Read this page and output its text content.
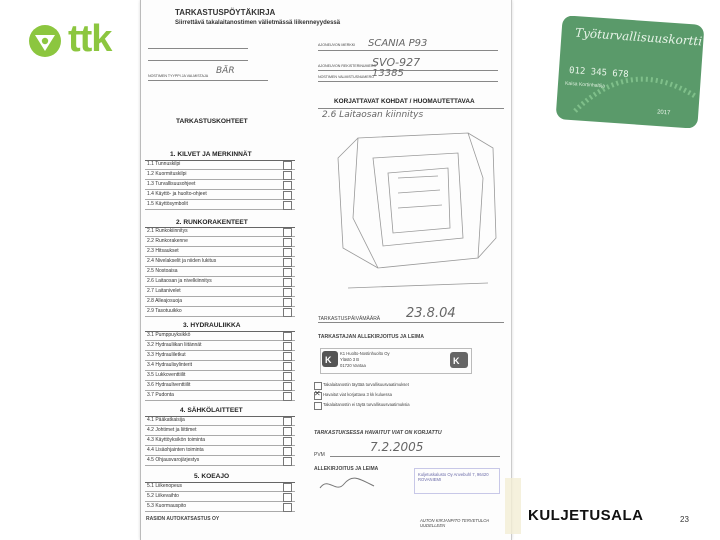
ttk
TARKASTUSPÖYTÄKIRJA
Siirrettävä takalaitanostimen välietmässä liikenneyydessä
AJONEUVON MERKKI SCANIA P93
AJONEUVON REKISTERINUMERO
SVO-927
NOSTIMEN VALMISTUSNUMERO
13385
NOSTIMEN TYYPPI JA VALMISTAJA BÄR
TARKASTUSKOHTEET
1. KILVET JA MERKINNÄT
1.1 Tunnuskilpi
1.2 Kuormituskilpi
1.3 Turvallisuusohjeet
1.4 Käyttö- ja huolto-ohjeet
1.5 Käyttösymbolit
2. RUNKORAKENTEET
2.1 Runkokiinnitys
2.2 Runkorakenne
2.3 Hitsaukset
2.4 Nivelakselit ja niiden lukitus
2.5 Nostoaisa
2.6 Laitaosan ja nivelkiinnitys
2.7 Laitanivelet
2.8 Alleajosuoja
2.9 Tasotuuikko
3. HYDRAULIIKKA
3.1 Pumppuyksikkö
3.2 Hydrauliikan liitännät
3.3 Hydrauliletkut
3.4 Hydraulisylinterit
3.5 Lukkoventtiilit
3.6 Hydrauliventtiilit
3.7 Pudonta
4. SÄHKÖLAITTEET
4.1 Pääkatkaisija
4.2 Johtimet ja liittimet
4.3 Käyttöyksikön toiminta
4.4 Lisäohjainten toiminta
4.5 Ohjausvarojärjestys
5. KOEAJO
5.1 Liikenopeus
5.2 Liikevaihto
5.3 Kuormauspito
RASIDN AUTOKATSASTUS OY
KORJATTAVAT KOHDAT / HUOMAUTETTAVAA
2.6 Laitaosan kiinnitys
TARKASTUSPÄIVÄMÄÄRÄ 23.8.04
TARKASTAJAN ALLEKIRJOITUS JA LEIMA
K
K1 Huolto-Nostinhuolto Oy
Ylästö 3 B
01720 Vantaa	K
Takalaitanostin täyttää turvallisuusvaatimukset
✕ Havaitut viat korjattava 3 kk kuluessa
Takalaitanostin ei täytä turvallisuusvaatimuksia
TARKASTUKSESSA HAVAITUT VIAT ON KORJATTU
PVM
7.2.2005
ALLEKIRJOITUS JA LEIMA
Kuljetuskalusto Oy Anvebuhl 7, 96420 ROVANIEMI
AUTON KIRJANPITO TERVETULOA UUDELLEEN
Työturvallisuuskortti
012 345 678
Kaisa Kortinhaltija
2017
KULJETUSALA	23
